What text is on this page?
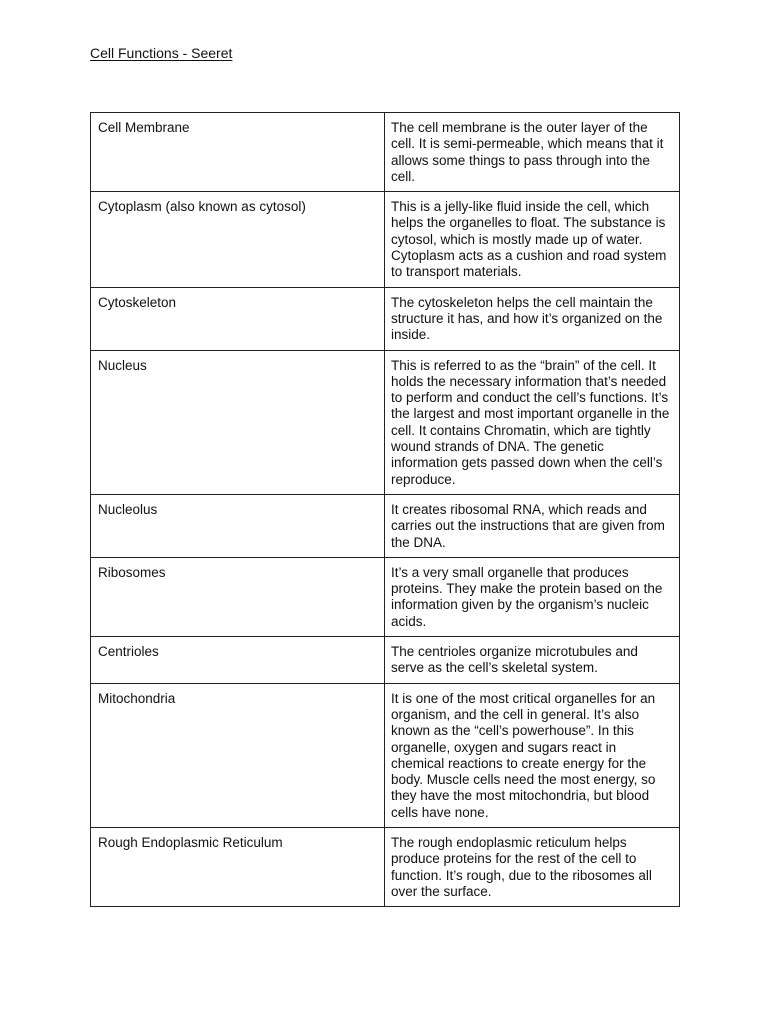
Cell Functions - Seeret
Cell Membrane	The cell membrane is the outer layer of the cell. It is semi-permeable, which means that it allows some things to pass through into the cell.
Cytoplasm (also known as cytosol)	This is a jelly-like fluid inside the cell, which helps the organelles to float. The substance is cytosol, which is mostly made up of water. Cytoplasm acts as a cushion and road system to transport materials.
Cytoskeleton	The cytoskeleton helps the cell maintain the structure it has, and how it’s organized on the inside.
Nucleus	This is referred to as the “brain” of the cell. It holds the necessary information that’s needed to perform and conduct the cell’s functions. It’s the largest and most important organelle in the cell. It contains Chromatin, which are tightly wound strands of DNA. The genetic information gets passed down when the cell’s reproduce.
Nucleolus	It creates ribosomal RNA, which reads and carries out the instructions that are given from the DNA.
Ribosomes	It’s a very small organelle that produces proteins. They make the protein based on the information given by the organism’s nucleic acids.
Centrioles	The centrioles organize microtubules and serve as the cell’s skeletal system.
Mitochondria	It is one of the most critical organelles for an organism, and the cell in general. It’s also known as the “cell’s powerhouse”. In this organelle, oxygen and sugars react in chemical reactions to create energy for the body. Muscle cells need the most energy, so they have the most mitochondria, but blood cells have none.
Rough Endoplasmic Reticulum	The rough endoplasmic reticulum helps produce proteins for the rest of the cell to function. It’s rough, due to the ribosomes all over the surface.
